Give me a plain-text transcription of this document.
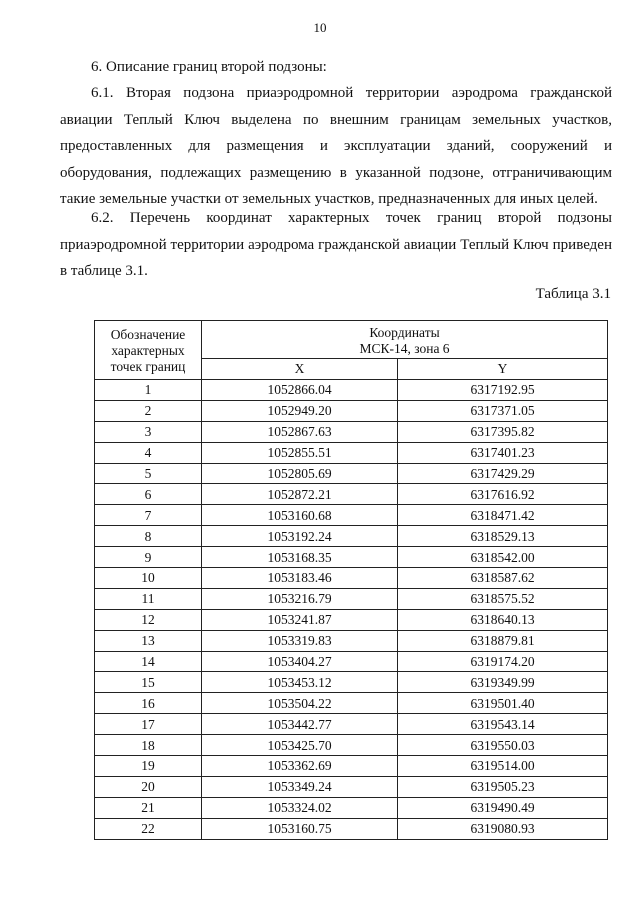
10
6. Описание границ второй подзоны:
6.1. Вторая подзона приаэродромной территории аэродрома гражданской авиации Теплый Ключ выделена по внешним границам земельных участков, предоставленных для размещения и эксплуатации зданий, сооружений и оборудования, подлежащих размещению в указанной подзоне, отграничивающим такие земельные участки от земельных участков, предназначенных для иных целей.
6.2. Перечень координат характерных точек границ второй подзоны приаэродромной территории аэродрома гражданской авиации Теплый Ключ приведен в таблице 3.1.
Таблица 3.1
Обозначение характерных точек границ	Координаты
МСК-14, зона 6	

	X	Y
1	1052866.04	6317192.95
2	1052949.20	6317371.05
3	1052867.63	6317395.82
4	1052855.51	6317401.23
5	1052805.69	6317429.29
6	1052872.21	6317616.92
7	1053160.68	6318471.42
8	1053192.24	6318529.13
9	1053168.35	6318542.00
10	1053183.46	6318587.62
11	1053216.79	6318575.52
12	1053241.87	6318640.13
13	1053319.83	6318879.81
14	1053404.27	6319174.20
15	1053453.12	6319349.99
16	1053504.22	6319501.40
17	1053442.77	6319543.14
18	1053425.70	6319550.03
19	1053362.69	6319514.00
20	1053349.24	6319505.23
21	1053324.02	6319490.49
22	1053160.75	6319080.93
